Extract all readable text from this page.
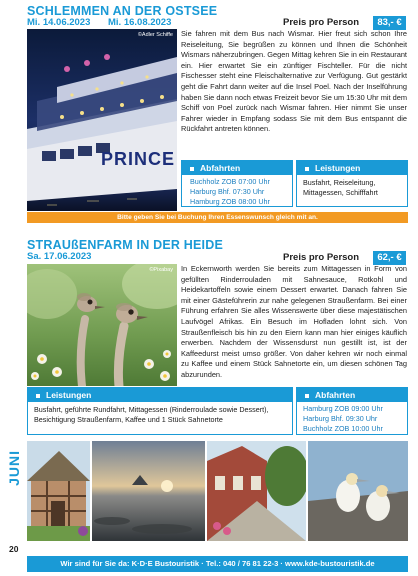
SCHLEMMEN AN DER OSTSEE
Mi. 14.06.2023 Mi. 16.08.2023	Preis pro Person	83,- €
PRINCE
©Adler Schiffe Sie fahren mit dem Bus nach Wismar. Hier freut sich schon Ihre Reiseleitung, Sie begrüßen zu können und Ihnen die Schönheit Wismars näherzubringen. Gegen Mittag kehren Sie in ein Restaurant ein. Hier erwartet Sie ein zünftiger Fischteller. Für die nicht Fischesser steht eine Fleischalternative zur Verfügung. Gut gestärkt geht die Fahrt dann weiter auf die Insel Poel. Nach der Inselführung haben Sie dann noch etwas Freizeit bevor Sie um 15:30 Uhr mit dem Schiff von Poel zurück nach Wismar fahren. Hier nimmt Sie unser Fahrer wieder in Empfang sodass Sie mit dem Bus entspannt die Rückfahrt antreten können.
Abfahrten
Buchholz ZOB 07:00 Uhr
Harburg Bhf. 07:30 Uhr
Hamburg ZOB 08:00 Uhr
Leistungen
Busfahrt, Reiseleitung, Mittagessen, Schifffahrt
Bitte geben Sie bei Buchung Ihren Essenswunsch gleich mit an.
STRAUßENFARM IN DER HEIDE
Sa. 17.06.2023	Preis pro Person	62,- €
©Pixabay In Eckernworth werden Sie bereits zum Mittagessen in Form von gefüllten Rinderrouladen mit Sahnesauce, Rotkohl und Heidekartoffeln sowie einem Dessert erwartet. Danach fahren Sie mit einer Gästeführerin zur nahe gelegenen Straußenfarm. Bei einer Führung erfahren Sie alles Wissenswerte über diese majestätischen Laufvögel Afrikas. Ein Besuch im Hofladen lohnt sich. Von Straußenfleisch bis hin zu den Eiern kann man hier einiges käuflich erwerben. Nachdem der Wissensdurst nun gestillt ist, ist der Kaffeedurst meist umso größer. Von daher kehren wir noch einmal zu Kaffee und einem Stück Sahnetorte ein, um diesen schönen Tag abzurunden.
Leistungen
Busfahrt, geführte Rundfahrt, Mittagessen (Rinderroulade sowie Dessert), Besichtigung Straußenfarm, Kaffee und 1 Stück Sahnetorte
Abfahrten
Hamburg ZOB 09:00 Uhr
Harburg Bhf. 09:30 Uhr
Buchholz ZOB 10:00 Uhr
JUNI
20
Wir sind für Sie da: K·D·E Bustouristik · Tel.: 040 / 76 81 22-3 · www.kde-bustouristik.de
